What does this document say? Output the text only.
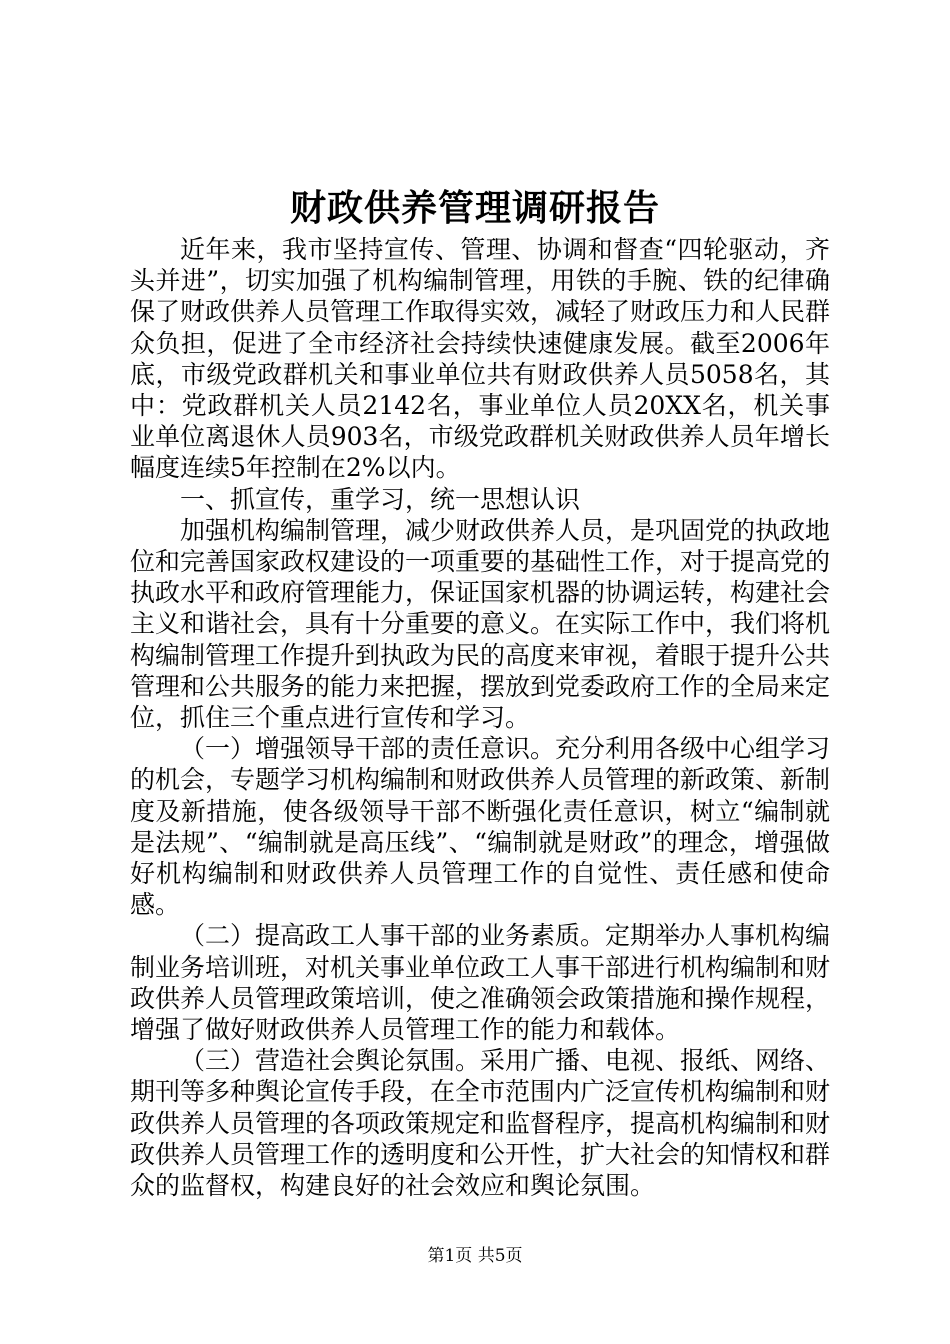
财政供养管理调研报告

近年来，我市坚持宣传、管理、协调和督查“四轮驱动，齐头并进”，切实加强了机构编制管理，用铁的手腕、铁的纪律确保了财政供养人员管理工作取得实效，减轻了财政压力和人民群众负担，促进了全市经济社会持续快速健康发展。截至2006年底，市级党政群机关和事业单位共有财政供养人员5058名，其中：党政群机关人员2142名，事业单位人员20XX名，机关事业单位离退休人员903名，市级党政群机关财政供养人员年增长幅度连续5年控制在2%以内。

一、抓宣传，重学习，统一思想认识

加强机构编制管理，减少财政供养人员，是巩固党的执政地位和完善国家政权建设的一项重要的基础性工作，对于提高党的执政水平和政府管理能力，保证国家机器的协调运转，构建社会主义和谐社会，具有十分重要的意义。在实际工作中，我们将机构编制管理工作提升到执政为民的高度来审视，着眼于提升公共管理和公共服务的能力来把握，摆放到党委政府工作的全局来定位，抓住三个重点进行宣传和学习。

（一）增强领导干部的责任意识。充分利用各级中心组学习的机会，专题学习机构编制和财政供养人员管理的新政策、新制度及新措施，使各级领导干部不断强化责任意识，树立“编制就是法规”、“编制就是高压线”、“编制就是财政”的理念，增强做好机构编制和财政供养人员管理工作的自觉性、责任感和使命感。

（二）提高政工人事干部的业务素质。定期举办人事机构编制业务培训班，对机关事业单位政工人事干部进行机构编制和财政供养人员管理政策培训，使之准确领会政策措施和操作规程，增强了做好财政供养人员管理工作的能力和载体。

（三）营造社会舆论氛围。采用广播、电视、报纸、网络、期刊等多种舆论宣传手段，在全市范围内广泛宣传机构编制和财政供养人员管理的各项政策规定和监督程序，提高机构编制和财政供养人员管理工作的透明度和公开性，扩大社会的知情权和群众的监督权，构建良好的社会效应和舆论氛围。

第1页 共5页
